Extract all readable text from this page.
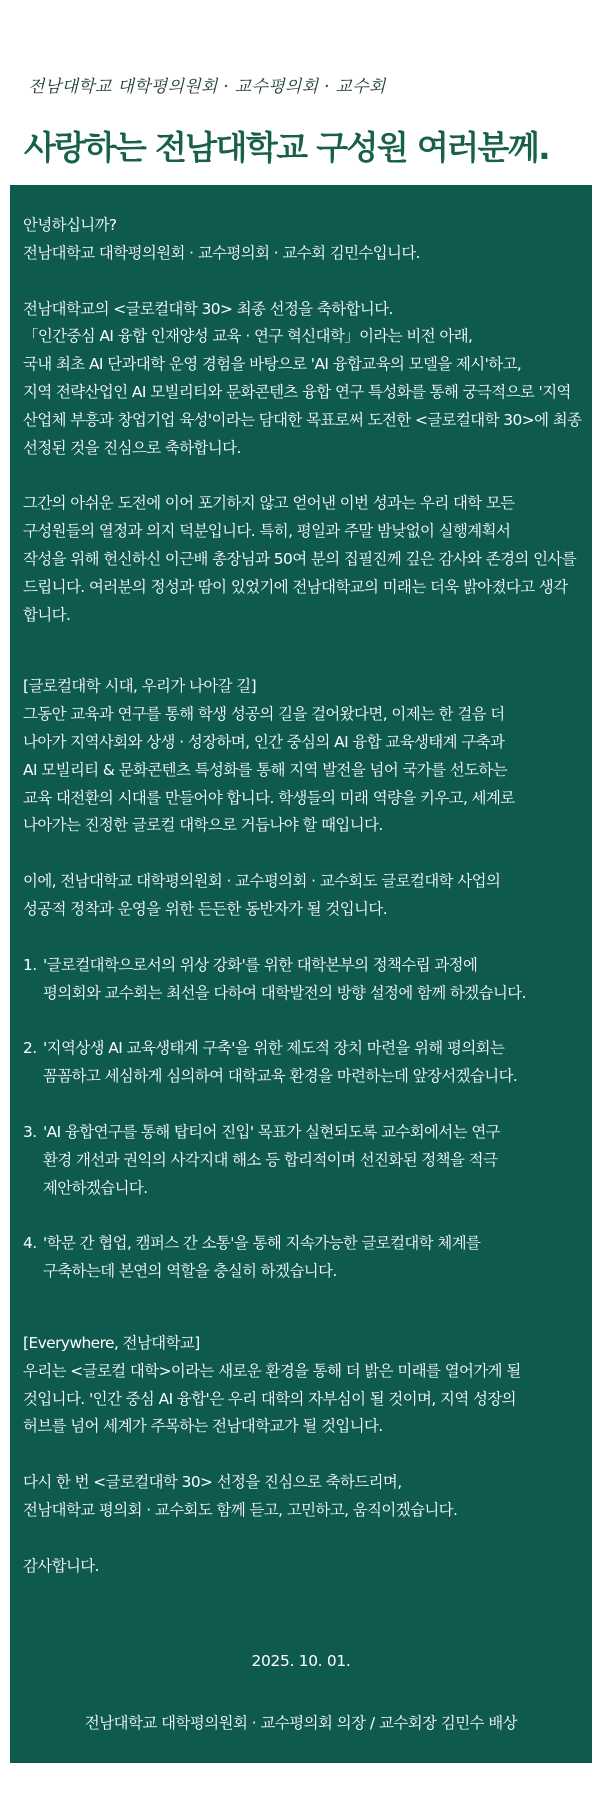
전남대학교 대학평의원회 · 교수평의회 · 교수회
사랑하는 전남대학교 구성원 여러분께.

안녕하십니까?

전남대학교 대학평의원회 · 교수평의회 · 교수회 김민수입니다.

전남대학교의 <글로컬대학 30> 최종 선정을 축하합니다.

「인간중심 AI 융합 인재양성 교육 · 연구 혁신대학」이라는 비전 아래,

국내 최초 AI 단과대학 운영 경험을 바탕으로 'AI 융합교육의 모델을 제시'하고,

지역 전략산업인 AI 모빌리티와 문화콘텐츠 융합 연구 특성화를 통해 궁극적으로 '지역

산업체 부흥과 창업기업 육성'이라는 담대한 목표로써 도전한 <글로컬대학 30>에 최종

선정된 것을 진심으로 축하합니다.

그간의 아쉬운 도전에 이어 포기하지 않고 얻어낸 이번 성과는 우리 대학 모든

구성원들의 열정과 의지 덕분입니다. 특히, 평일과 주말 밤낮없이 실행계획서

작성을 위해 헌신하신 이근배 총장님과 50여 분의 집필진께 깊은 감사와 존경의 인사를

드립니다. 여러분의 정성과 땀이 있었기에 전남대학교의 미래는 더욱 밝아졌다고 생각

합니다.

[글로컬대학 시대, 우리가 나아갈 길]

그동안 교육과 연구를 통해 학생 성공의 길을 걸어왔다면, 이제는 한 걸음 더

나아가 지역사회와 상생 · 성장하며, 인간 중심의 AI 융합 교육생태계 구축과

AI 모빌리티 & 문화콘텐츠 특성화를 통해 지역 발전을 넘어 국가를 선도하는

교육 대전환의 시대를 만들어야 합니다. 학생들의 미래 역량을 키우고, 세계로

나아가는 진정한 글로컬 대학으로 거듭나야 할 때입니다.

이에, 전남대학교 대학평의원회 · 교수평의회 · 교수회도 글로컬대학 사업의

성공적 정착과 운영을 위한 든든한 동반자가 될 것입니다.

1. '글로컬대학으로서의 위상 강화'를 위한 대학본부의 정책수립 과정에

평의회와 교수회는 최선을 다하여 대학발전의 방향 설정에 함께 하겠습니다.

2. '지역상생 AI 교육생태계 구축'을 위한 제도적 장치 마련을 위해 평의회는

꼼꼼하고 세심하게 심의하여 대학교육 환경을 마련하는데 앞장서겠습니다.

3. 'AI 융합연구를 통해 탑티어 진입' 목표가 실현되도록 교수회에서는 연구

환경 개선과 권익의 사각지대 해소 등 합리적이며 선진화된 정책을 적극

제안하겠습니다.

4. '학문 간 협업, 캠퍼스 간 소통'을 통해 지속가능한 글로컬대학 체계를

구축하는데 본연의 역할을 충실히 하겠습니다.

[Everywhere, 전남대학교]

우리는 <글로컬 대학>이라는 새로운 환경을 통해 더 밝은 미래를 열어가게 될

것입니다. '인간 중심 AI 융합'은 우리 대학의 자부심이 될 것이며, 지역 성장의

허브를 넘어 세계가 주목하는 전남대학교가 될 것입니다.

다시 한 번 <글로컬대학 30> 선정을 진심으로 축하드리며,

전남대학교 평의회 · 교수회도 함께 듣고, 고민하고, 움직이겠습니다.

감사합니다.

2025. 10. 01.
전남대학교 대학평의원회 · 교수평의회 의장 / 교수회장 김민수 배상
